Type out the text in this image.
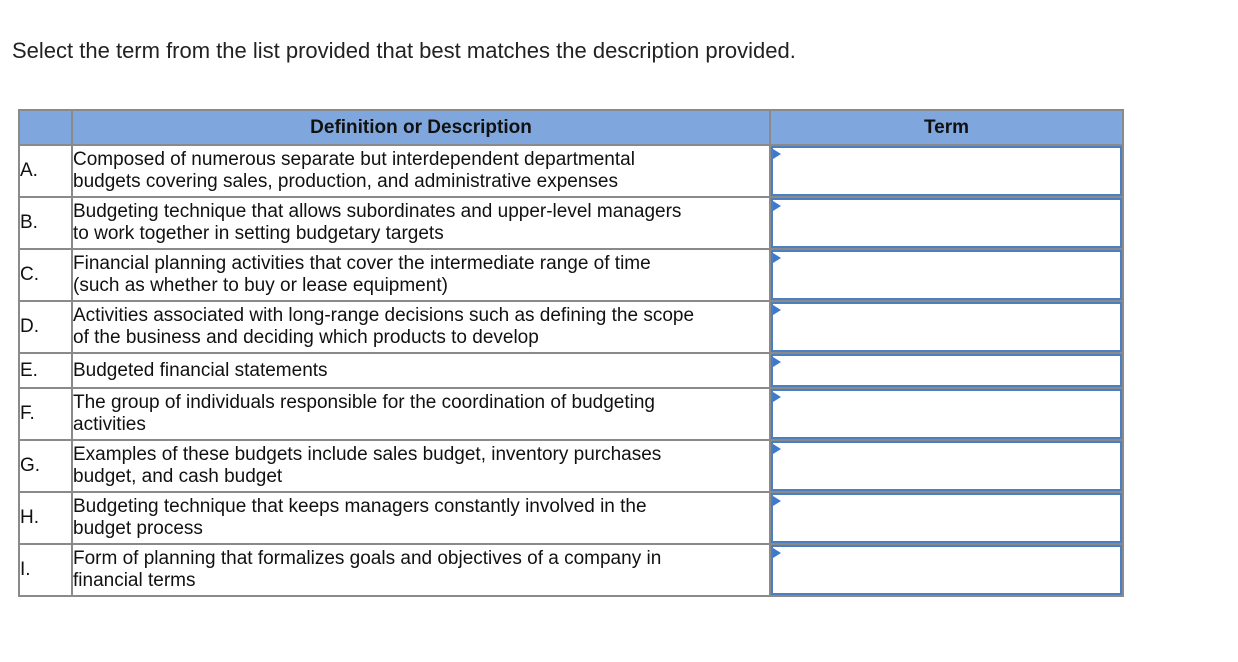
Select the term from the list provided that best matches the description provided.
	Definition or Description	Term
A.	Composed of numerous separate but interdependent departmental
budgets covering sales, production, and administrative expenses	

B.	Budgeting technique that allows subordinates and upper-level managers
to work together in setting budgetary targets	

C.	Financial planning activities that cover the intermediate range of time
(such as whether to buy or lease equipment)	

D.	Activities associated with long-range decisions such as defining the scope
of the business and deciding which products to develop	

E.	Budgeted financial statements	

F.	The group of individuals responsible for the coordination of budgeting
activities	

G.	Examples of these budgets include sales budget, inventory purchases
budget, and cash budget	

H.	Budgeting technique that keeps managers constantly involved in the
budget process	

I.	Form of planning that formalizes goals and objectives of a company in
financial terms	
